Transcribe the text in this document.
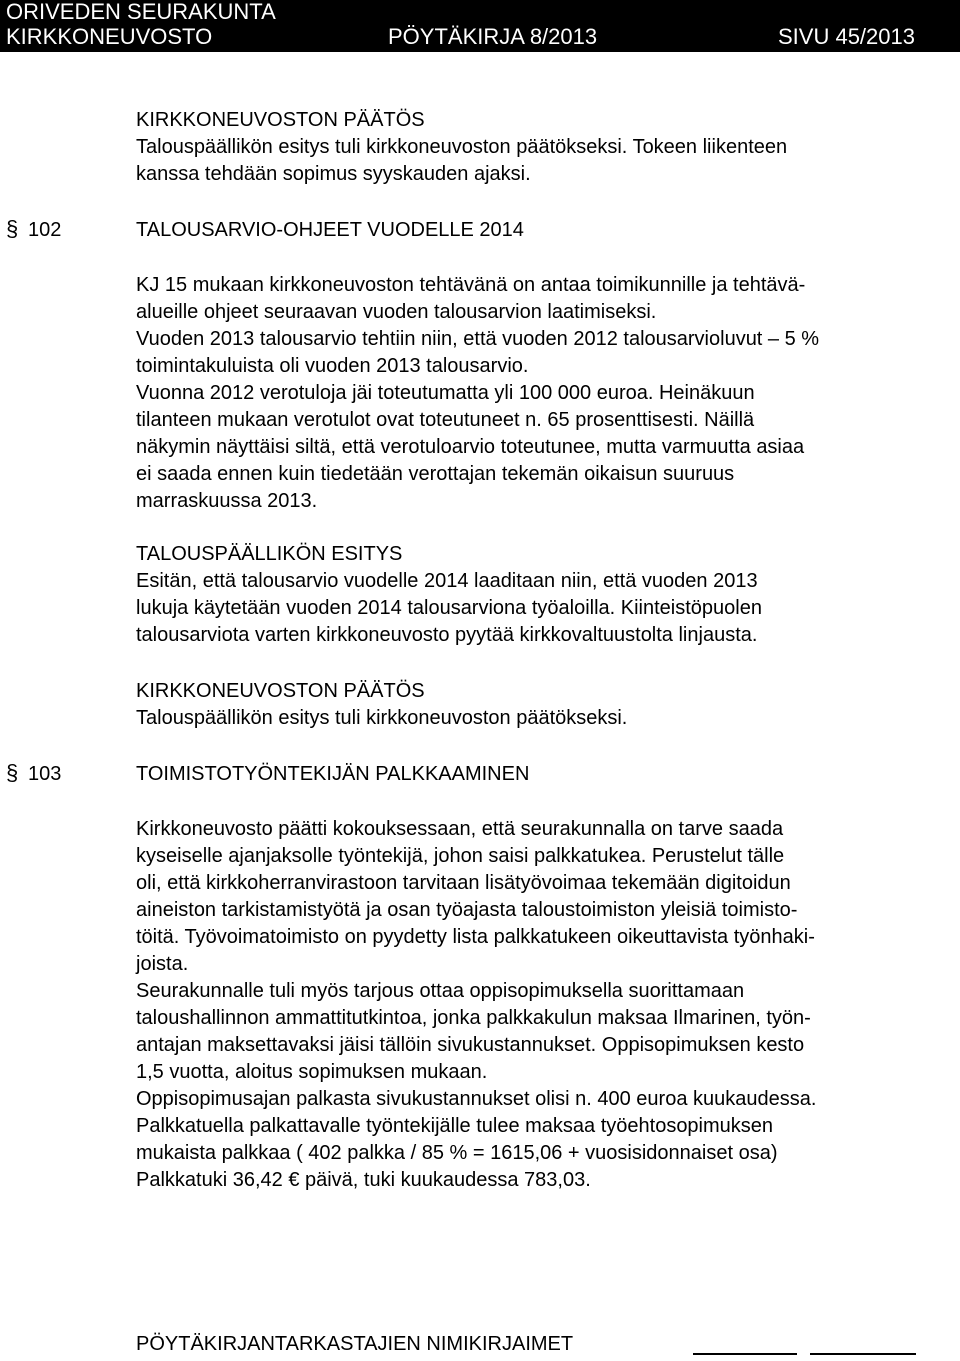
ORIVEDEN SEURAKUNTA
KIRKKONEUVOSTO	PÖYTÄKIRJA 8/2013	SIVU 45/2013

KIRKKONEUVOSTON PÄÄTÖS

Talouspäällikön esitys tuli kirkkoneuvoston päätökseksi. Tokeen liikenteen

kanssa tehdään sopimus syyskauden ajaksi.

§ 102	TALOUSARVIO-OHJEET VUODELLE 2014

KJ 15 mukaan kirkkoneuvoston tehtävänä on antaa toimikunnille ja tehtävä-

alueille ohjeet seuraavan vuoden talousarvion laatimiseksi.

Vuoden 2013 talousarvio tehtiin niin, että vuoden 2012 talousarvioluvut – 5 %

toimintakuluista oli vuoden 2013 talousarvio.

Vuonna 2012 verotuloja jäi toteutumatta yli 100 000 euroa. Heinäkuun

tilanteen mukaan verotulot ovat toteutuneet n. 65 prosenttisesti. Näillä

näkymin näyttäisi siltä, että verotuloarvio toteutunee, mutta varmuutta asiaa

ei saada ennen kuin tiedetään verottajan tekemän oikaisun suuruus

marraskuussa 2013.

TALOUSPÄÄLLIKÖN ESITYS

Esitän, että talousarvio vuodelle 2014 laaditaan niin, että vuoden 2013

lukuja käytetään vuoden 2014 talousarviona työaloilla. Kiinteistöpuolen

talousarviota varten kirkkoneuvosto pyytää kirkkovaltuustolta linjausta.

KIRKKONEUVOSTON PÄÄTÖS

Talouspäällikön esitys tuli kirkkoneuvoston päätökseksi.

§ 103	TOIMISTOTYÖNTEKIJÄN PALKKAAMINEN

Kirkkoneuvosto päätti kokouksessaan, että seurakunnalla on tarve saada

kyseiselle ajanjaksolle työntekijä, johon saisi palkkatukea. Perustelut tälle

oli, että kirkkoherranvirastoon tarvitaan lisätyövoimaa tekemään digitoidun

aineiston tarkistamistyötä ja osan työajasta taloustoimiston yleisiä toimisto-

töitä. Työvoimatoimisto on pyydetty lista palkkatukeen oikeuttavista työnhaki-

joista.

Seurakunnalle tuli myös tarjous ottaa oppisopimuksella suorittamaan

taloushallinnon ammattitutkintoa, jonka palkkakulun maksaa Ilmarinen, työn-

antajan maksettavaksi jäisi tällöin sivukustannukset. Oppisopimuksen kesto

1,5 vuotta, aloitus sopimuksen mukaan.

Oppisopimusajan palkasta sivukustannukset olisi n. 400 euroa kuukaudessa.

Palkkatuella palkattavalle työntekijälle tulee maksaa työehtosopimuksen

mukaista palkkaa ( 402 palkka / 85 % = 1615,06 + vuosisidonnaiset osa)

Palkkatuki 36,42 € päivä, tuki kuukaudessa 783,03.

PÖYTÄKIRJANTARKASTAJIEN NIMIKIRJAIMET
